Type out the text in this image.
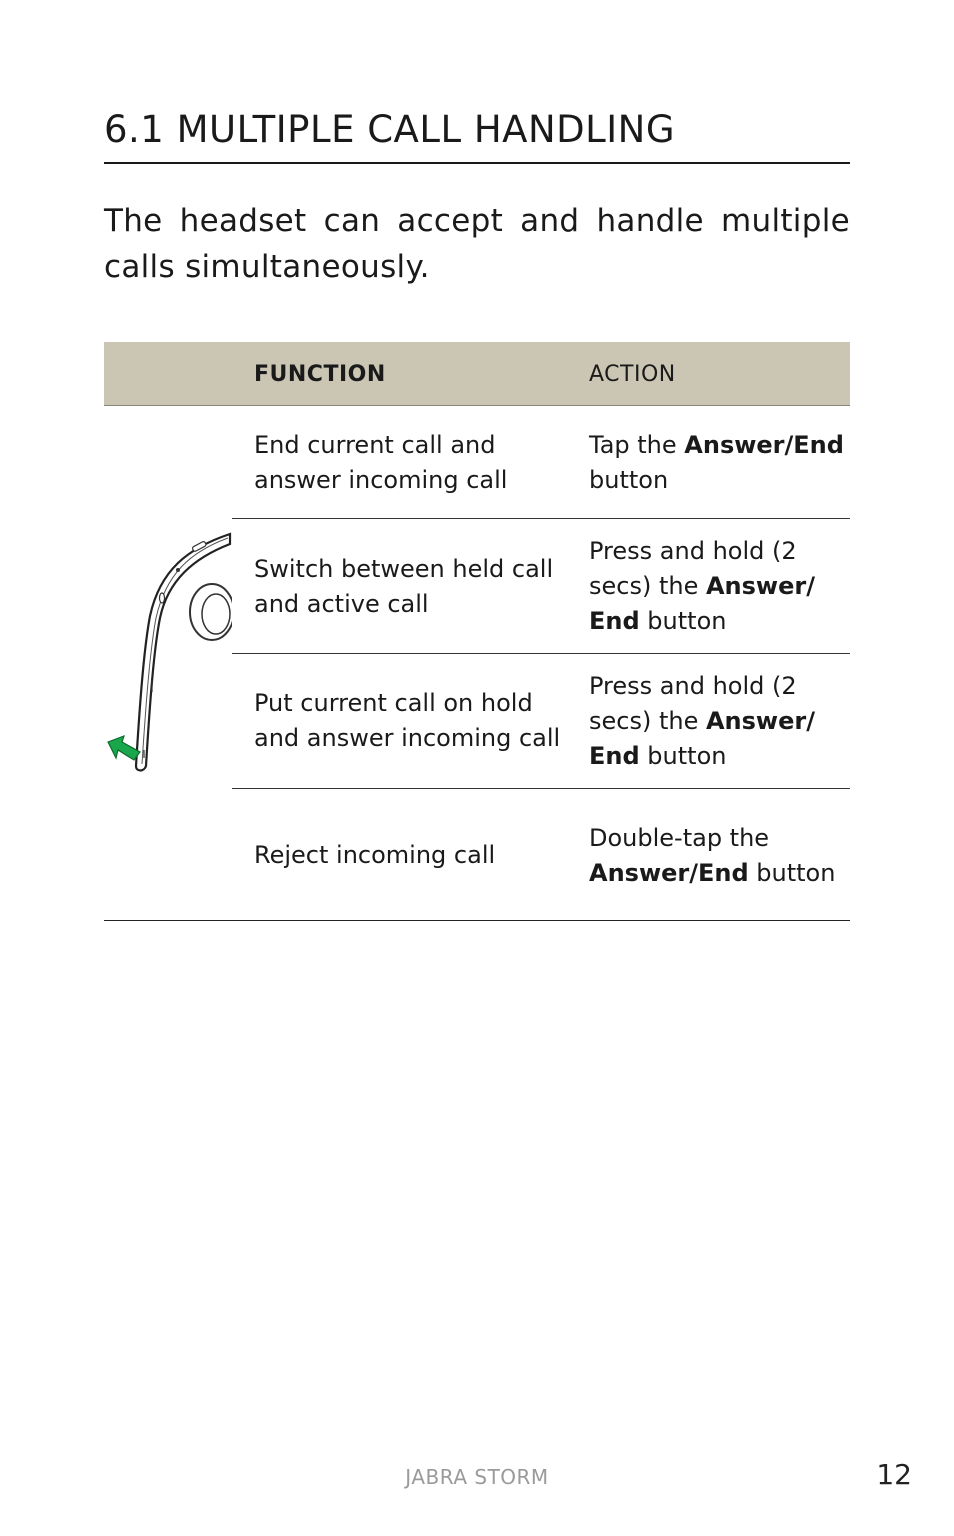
6.1 MULTIPLE CALL HANDLING
The headset can accept and handle multiple calls simultaneously.
FUNCTION	ACTION
End current call and answer incoming call
Tap the Answer/End button
Switch between held call and active call
Press and hold (2 secs) the Answer/ End button
Put current call on hold and answer incoming call
Press and hold (2 secs) the Answer/ End button
Reject incoming call
Double-tap the Answer/End button
JABRA STORM	12
